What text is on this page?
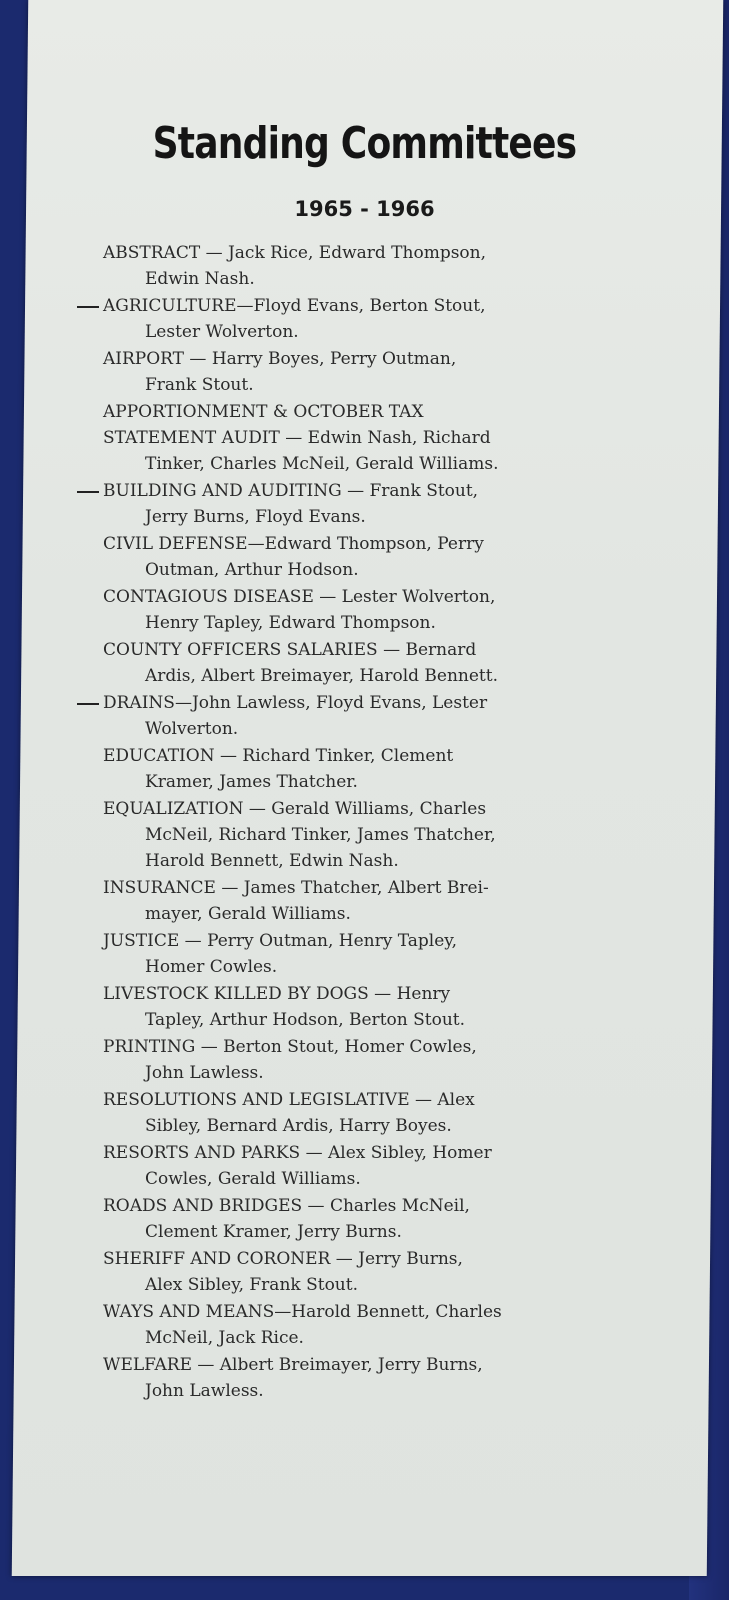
Standing Committees
1965 - 1966
ABSTRACT — Jack Rice, Edward Thompson,
Edwin Nash.
AGRICULTURE—Floyd Evans, Berton Stout,
Lester Wolverton.
AIRPORT — Harry Boyes, Perry Outman,
Frank Stout.
APPORTIONMENT & OCTOBER TAX
STATEMENT AUDIT — Edwin Nash, Richard
Tinker, Charles McNeil, Gerald Williams.
BUILDING AND AUDITING — Frank Stout,
Jerry Burns, Floyd Evans.
CIVIL DEFENSE—Edward Thompson, Perry
Outman, Arthur Hodson.
CONTAGIOUS DISEASE — Lester Wolverton,
Henry Tapley, Edward Thompson.
COUNTY OFFICERS SALARIES — Bernard
Ardis, Albert Breimayer, Harold Bennett.
DRAINS—John Lawless, Floyd Evans, Lester
Wolverton.
EDUCATION — Richard Tinker, Clement
Kramer, James Thatcher.
EQUALIZATION — Gerald Williams, Charles
McNeil, Richard Tinker, James Thatcher,
Harold Bennett, Edwin Nash.
INSURANCE — James Thatcher, Albert Brei-
mayer, Gerald Williams.
JUSTICE — Perry Outman, Henry Tapley,
Homer Cowles.
LIVESTOCK KILLED BY DOGS — Henry
Tapley, Arthur Hodson, Berton Stout.
PRINTING — Berton Stout, Homer Cowles,
John Lawless.
RESOLUTIONS AND LEGISLATIVE — Alex
Sibley, Bernard Ardis, Harry Boyes.
RESORTS AND PARKS — Alex Sibley, Homer
Cowles, Gerald Williams.
ROADS AND BRIDGES — Charles McNeil,
Clement Kramer, Jerry Burns.
SHERIFF AND CORONER — Jerry Burns,
Alex Sibley, Frank Stout.
WAYS AND MEANS—Harold Bennett, Charles
McNeil, Jack Rice.
WELFARE — Albert Breimayer, Jerry Burns,
John Lawless.
